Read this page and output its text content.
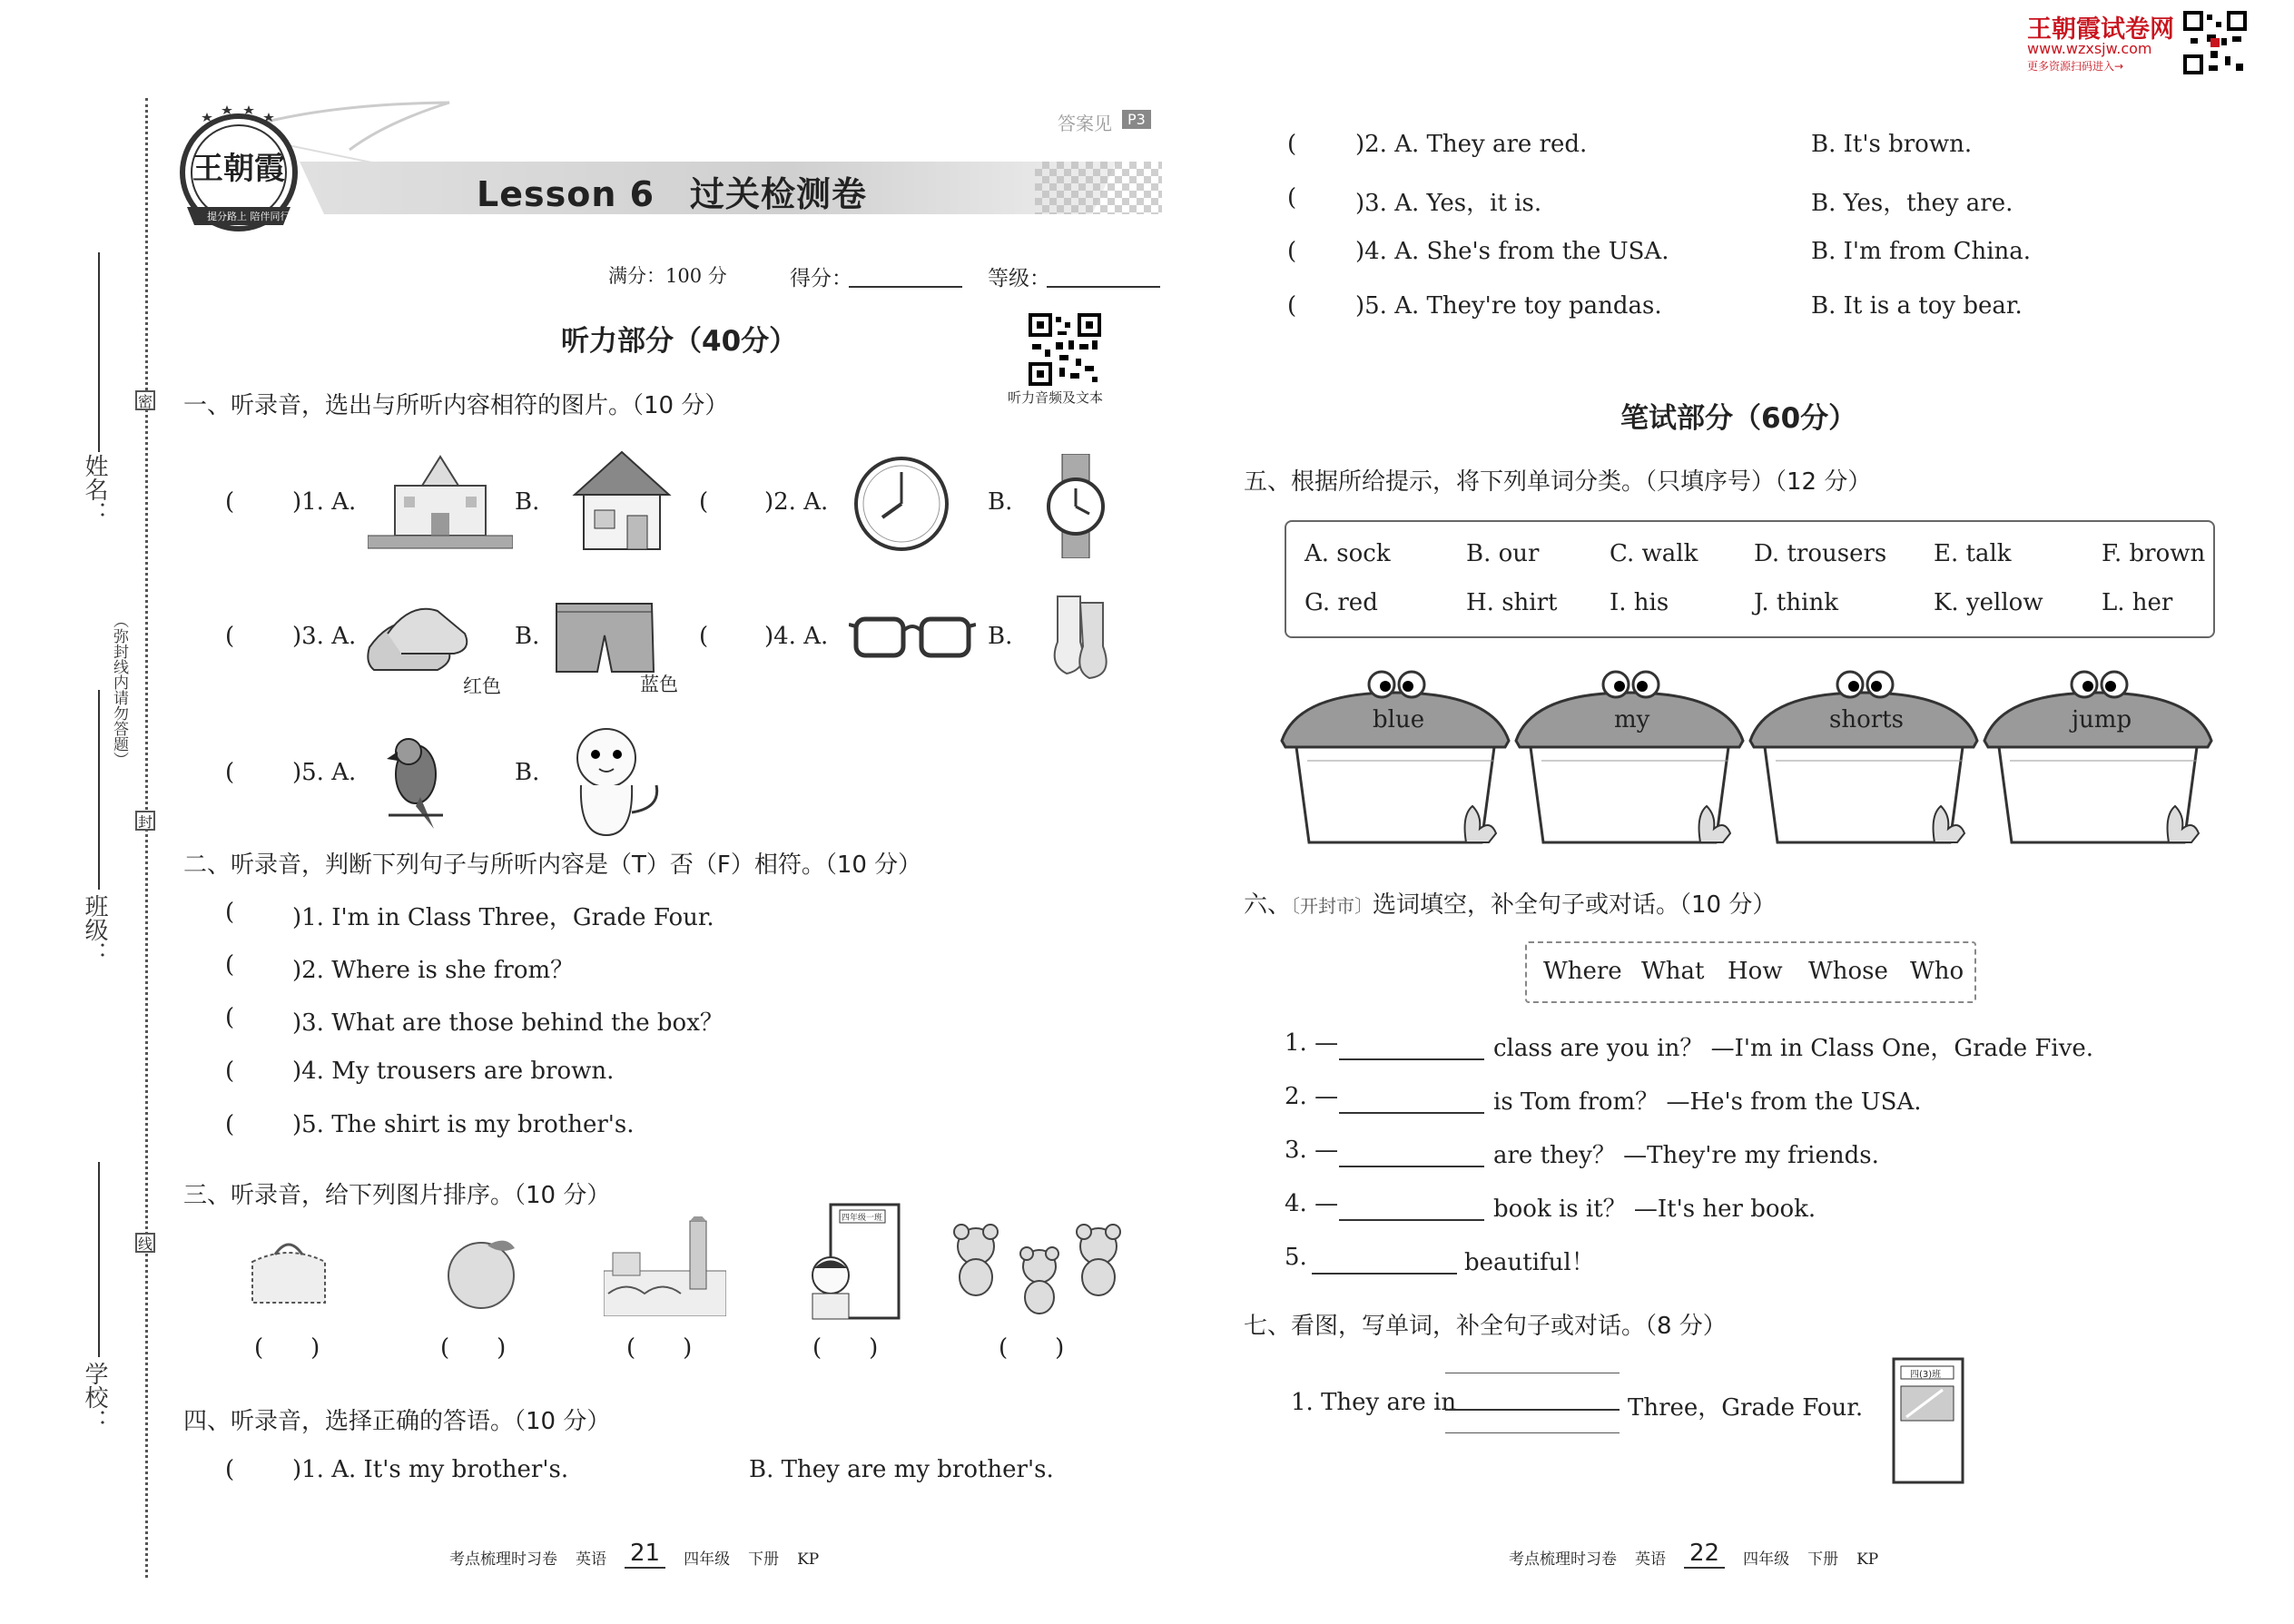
姓名：
班级：
学校：
（弥封线内请勿答题）
密
封
线
Lesson 6　过关检测卷
王朝霞
提分路上 陪伴同行
答案见	P3
满分：100 分	得分：	等级：
听力部分（40分）
听力音频及文本
一、听录音，选出与所听内容相符的图片。（10 分）
( )1. A.	B.	( )2. A.	B.
( )3. A.
红色
B.
蓝色
( )4. A.	B.
( )5. A.	B.
二、听录音，判断下列句子与所听内容是（T）否（F）相符。（10 分）
( )1. I'm in Class Three，Grade Four.
( )2. Where is she from？
( )3. What are those behind the box？
( )4. My trousers are brown.
( )5. The shirt is my brother's.
三、听录音，给下列图片排序。（10 分）
四年级一班
(　　)	(　　)	(　　)	(　　)	(　　)
四、听录音，选择正确的答语。（10 分）
( )1. A. It's my brother's.	B. They are my brother's.
考点梳理时习卷 英语 21	四年级 下册 KP
王朝霞试卷网
www.wzxsjw.com
更多资源扫码进入→
( )2. A. They are red.	B. It's brown.
( )3. A. Yes，it is.	B. Yes，they are.
( )4. A. She's from the USA.	B. I'm from China.
( )5. A. They're toy pandas.	B. It is a toy bear.
笔试部分（60分）
五、根据所给提示，将下列单词分类。（只填序号）（12 分）
A. sock	B. our	C. walk D. trousers E. talk	F. brown
G. red	H. shirt I. his	J. think	K. yellow L. her
blue	my	shorts	jump
六、〔开封市〕选词填空，补全句子或对话。（10 分）
Where What How Whose Who
1. —	class are you in？ —I'm in Class One，Grade Five.
2. —	is Tom from？ —He's from the USA.
3. —	are they？ —They're my friends.
4. —	book is it？ —It's her book.
5.	beautiful！
七、看图，写单词，补全句子或对话。（8 分）
1. They are in	Three，Grade Four.
四(3)班
考点梳理时习卷 英语 22	四年级 下册 KP
